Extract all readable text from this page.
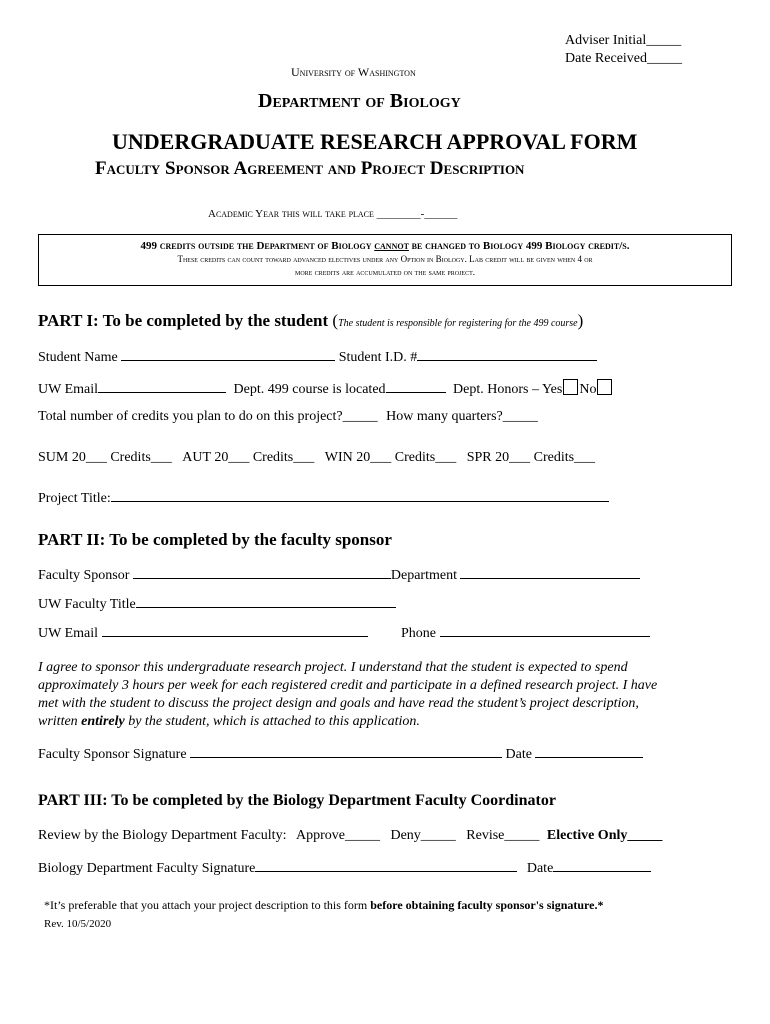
Adviser Initial_____
Date Received_____
University of Washington
Department of Biology
UNDERGRADUATE RESEARCH APPROVAL FORM
Faculty Sponsor Agreement and Project Description
Academic Year this will take place ________-______
499 credits outside the Department of Biology cannot be changed to Biology 499 Biology credit/s.
These credits can count toward advanced electives under any Option in Biology. Lab credit will be given when 4 or
more credits are accumulated on the same project.
PART I: To be completed by the student (The student is responsible for registering for the 499 course)
Student Name	Student I.D. #
UW Email	Dept. 499 course is located	Dept. Honors – Yes No
Total number of credits you plan to do on this project?_____ How many quarters?_____
SUM 20___ Credits___ AUT 20___ Credits___ WIN 20___ Credits___ SPR 20___ Credits___
Project Title:
PART II: To be completed by the faculty sponsor
Faculty Sponsor	Department
UW Faculty Title
UW Email	Phone
I agree to sponsor this undergraduate research project. I understand that the student is expected to spend
approximately 3 hours per week for each registered credit and participate in a defined research project. I have
met with the student to discuss the project design and goals and have read the student’s project description,
written entirely by the student, which is attached to this application.
Faculty Sponsor Signature	Date
PART III: To be completed by the Biology Department Faculty Coordinator
Review by the Biology Department Faculty: Approve_____ Deny_____ Revise_____ Elective Only_____
Biology Department Faculty Signature	Date
*It’s preferable that you attach your project description to this form before obtaining faculty sponsor's signature.*
Rev. 10/5/2020
